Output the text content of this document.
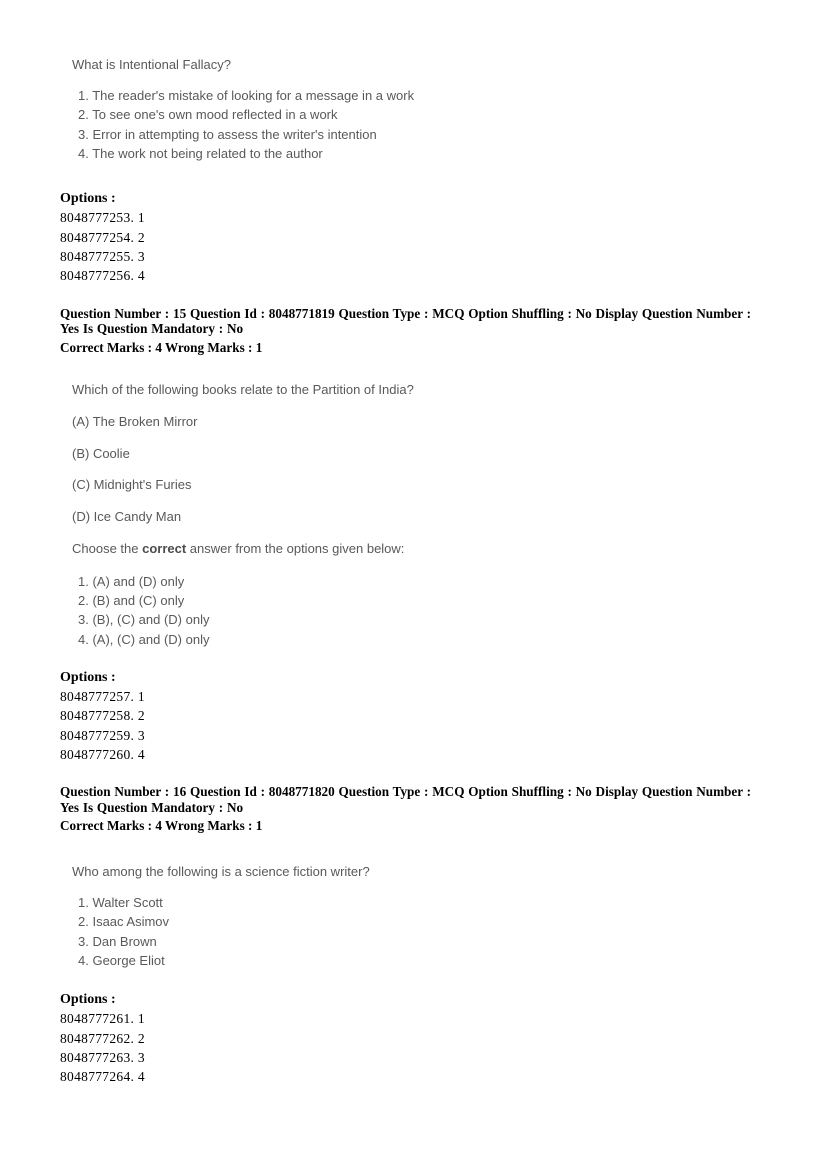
What is Intentional Fallacy?
1. The reader's mistake of looking for a message in a work
2. To see one's own mood reflected in a work
3. Error in attempting to assess the writer's intention
4. The work not being related to the author
Options :
8048777253. 1
8048777254. 2
8048777255. 3
8048777256. 4
Question Number : 15 Question Id : 8048771819 Question Type : MCQ Option Shuffling : No Display Question Number : Yes Is Question Mandatory : No
Correct Marks : 4 Wrong Marks : 1
Which of the following books relate to the Partition of India?
(A) The Broken Mirror
(B) Coolie
(C) Midnight's Furies
(D) Ice Candy Man
Choose the correct answer from the options given below:
1. (A) and (D) only
2. (B) and (C) only
3. (B), (C) and (D) only
4. (A), (C) and (D) only
Options :
8048777257. 1
8048777258. 2
8048777259. 3
8048777260. 4
Question Number : 16 Question Id : 8048771820 Question Type : MCQ Option Shuffling : No Display Question Number : Yes Is Question Mandatory : No
Correct Marks : 4 Wrong Marks : 1
Who among the following is a science fiction writer?
1. Walter Scott
2. Isaac Asimov
3. Dan Brown
4. George Eliot
Options :
8048777261. 1
8048777262. 2
8048777263. 3
8048777264. 4
